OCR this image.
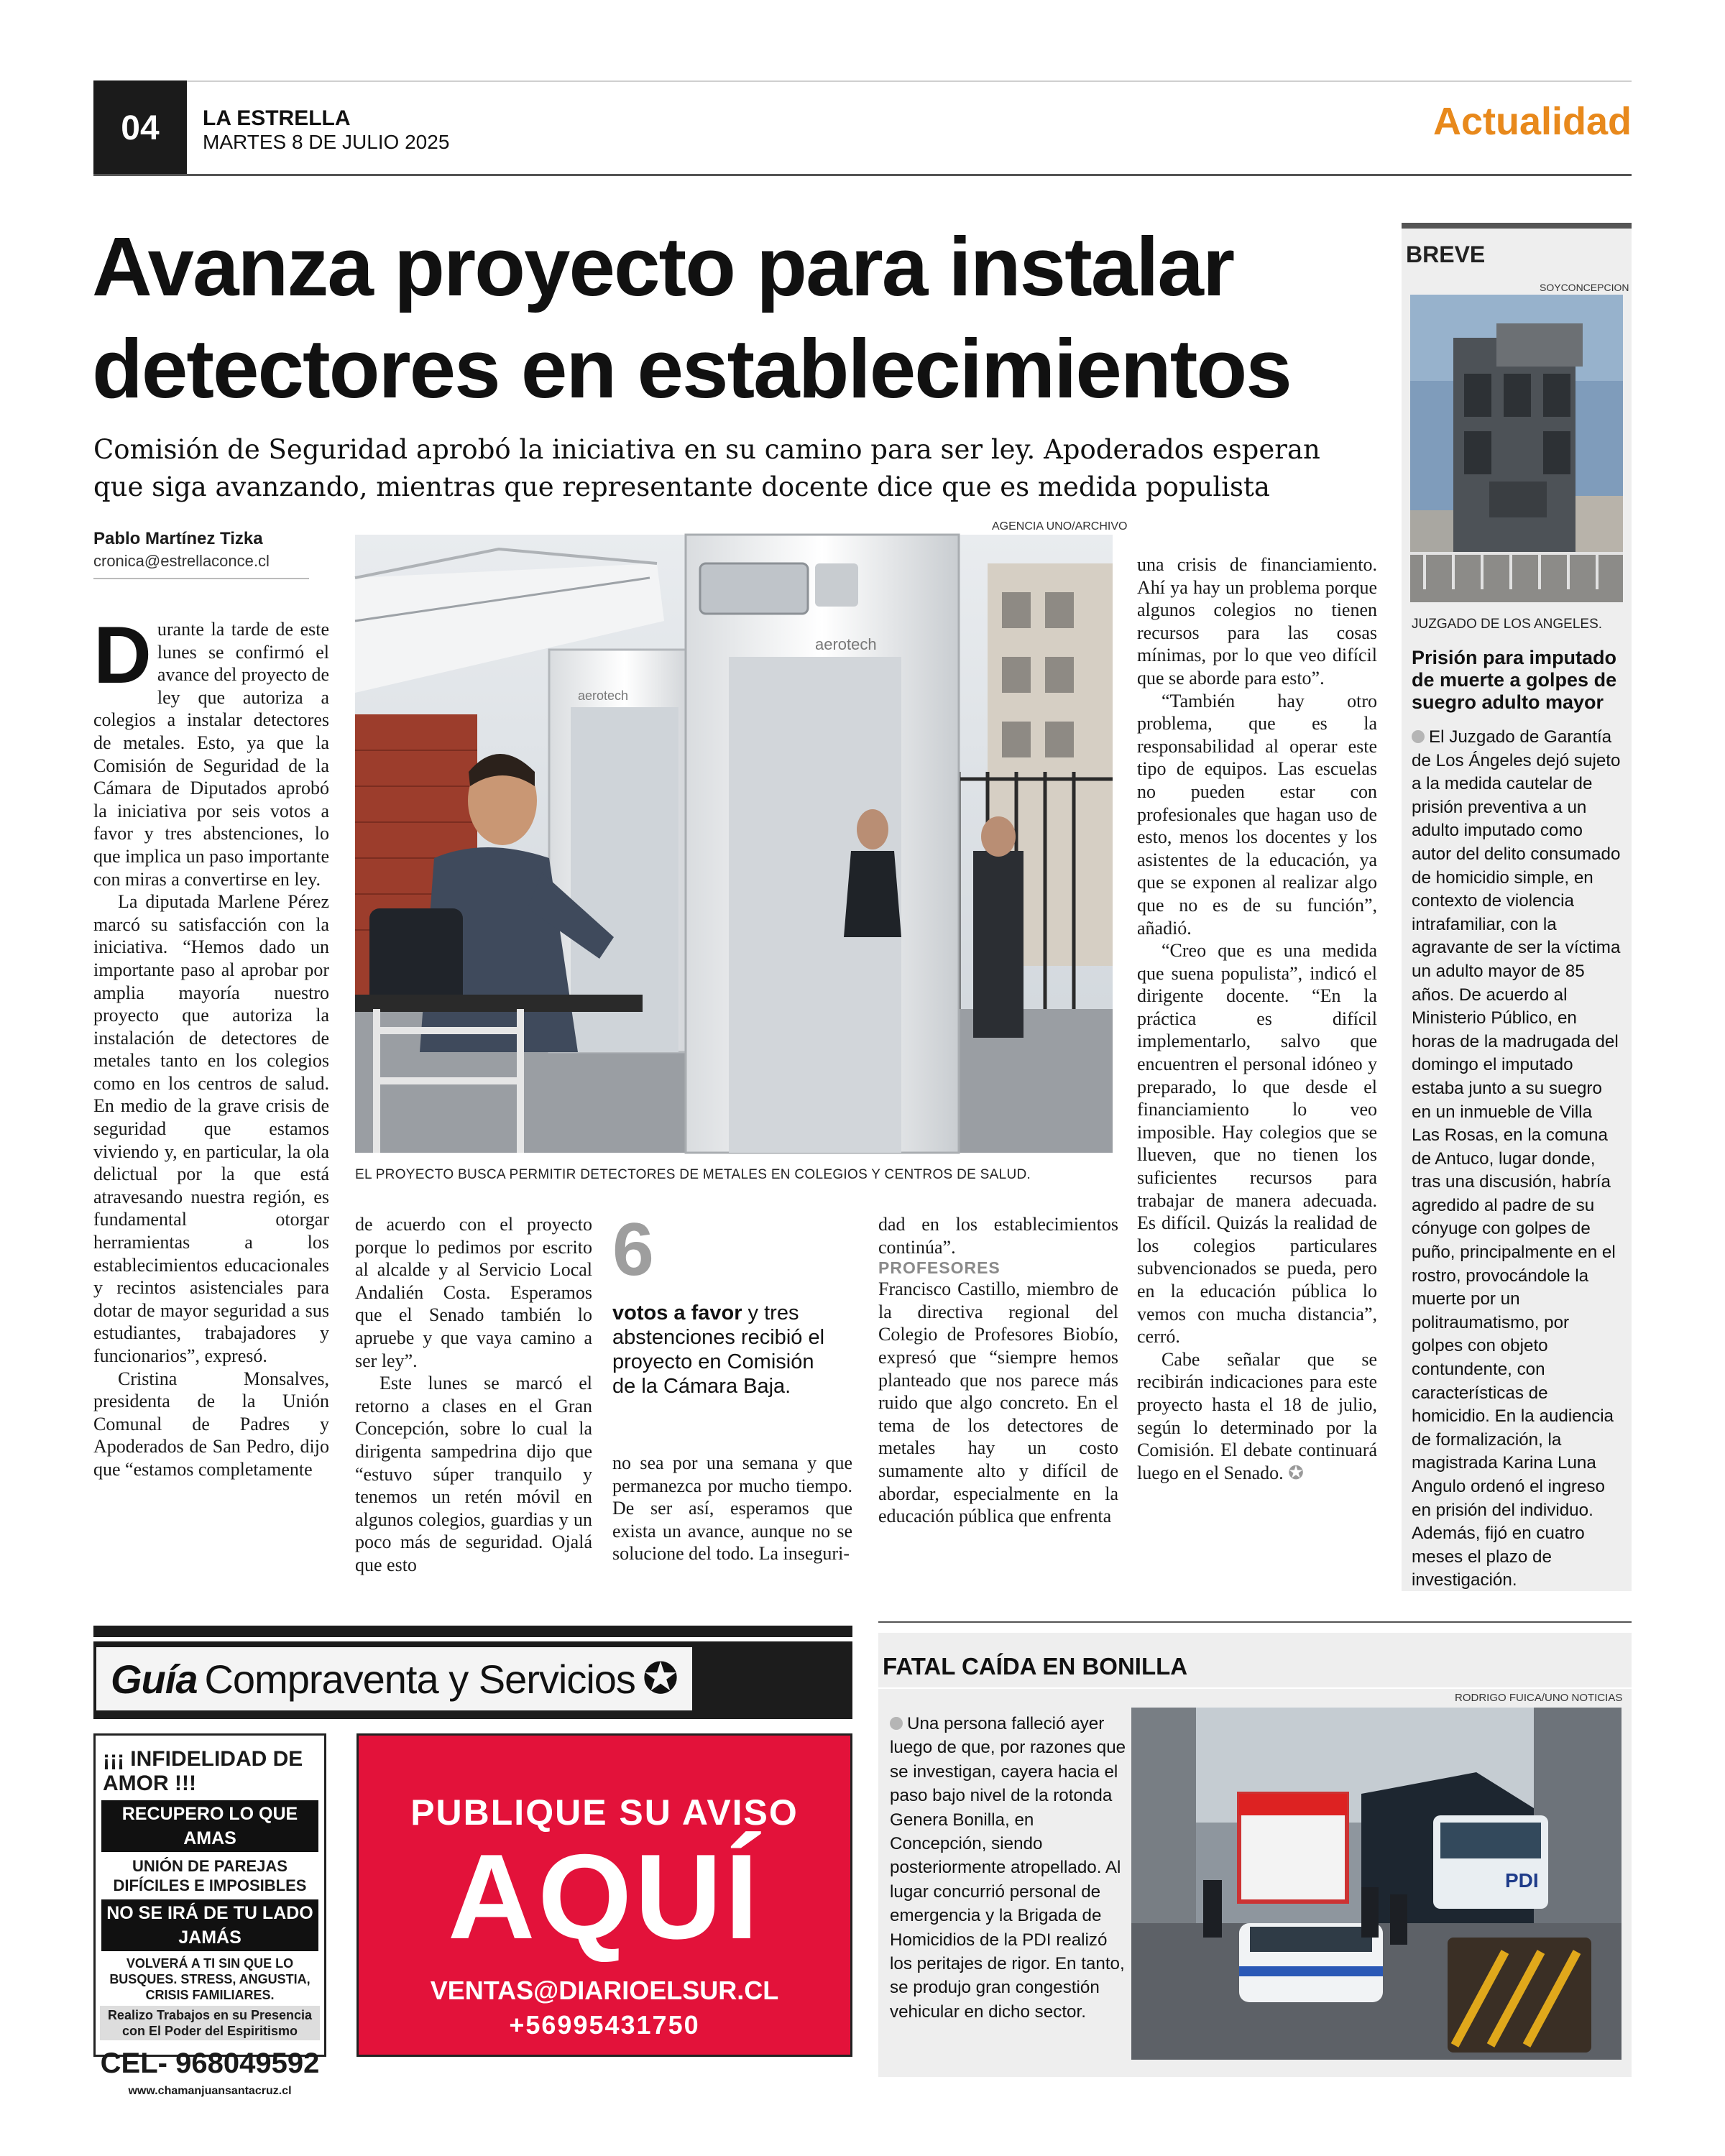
04	LA ESTRELLA
MARTES 8 DE JULIO 2025	Actualidad
Avanza proyecto para instalar
detectores en establecimientos
Comisión de Seguridad aprobó la iniciativa en su camino para ser ley. Apoderados esperan que siga avanzando, mientras que representante docente dice que es medida populista
Pablo Martínez Tizka
cronica@estrellaconce.cl

Durante la tarde de este lunes se confirmó el avance del proyecto de ley que autoriza a colegios a instalar detectores de metales. Esto, ya que la Comisión de Seguridad de la Cámara de Diputados aprobó la iniciativa por seis votos a favor y tres abstenciones, lo que implica un paso importante con miras a convertirse en ley.

La diputada Marlene Pérez marcó su satisfacción con la iniciativa. “Hemos dado un importante paso al aprobar por amplia mayoría nuestro proyecto que autoriza la instalación de detectores de metales tanto en los colegios como en los centros de salud. En medio de la grave crisis de seguridad que estamos viviendo y, en particular, la ola delictual por la que está atravesando nuestra región, es fundamental otorgar herramientas a los establecimientos educacionales y recintos asistenciales para dotar de mayor seguridad a sus estudiantes, trabajadores y funcionarios”, expresó.

Cristina Monsalves, presidenta de la Unión Comunal de Padres y Apoderados de San Pedro, dijo que “estamos completamente

AGENCIA UNO/ARCHIVO
aerotech
aerotech
EL PROYECTO BUSCA PERMITIR DETECTORES DE METALES EN COLEGIOS Y CENTROS DE SALUD.

de acuerdo con el proyecto porque lo pedimos por escrito al alcalde y al Servicio Local Andalién Costa. Esperamos que el Senado también lo apruebe y que vaya camino a ser ley”.

Este lunes se marcó el retorno a clases en el Gran Concepción, sobre lo cual la dirigenta sampedrina dijo que “estuvo súper tranquilo y tenemos un retén móvil en algunos colegios, guardias y un poco más de seguridad. Ojalá que esto

6
votos a favor y tres abstenciones recibió el proyecto en Comisión de la Cámara Baja.

no sea por una semana y que permanezca por mucho tiempo. De ser así, esperamos que exista un avance, aunque no se solucione del todo. La inseguri-

dad en los establecimientos continúa”.

PROFESORES

Francisco Castillo, miembro de la directiva regional del Colegio de Profesores Biobío, expresó que “siempre hemos planteado que nos parece más ruido que algo concreto. En el tema de los detectores de metales hay un costo sumamente alto y difícil de abordar, especialmente en la educación pública que enfrenta

una crisis de financiamiento. Ahí ya hay un problema porque algunos colegios no tienen recursos para las cosas mínimas, por lo que veo difícil que se aborde para esto”.

“También hay otro problema, que es la responsabilidad al operar este tipo de equipos. Las escuelas no pueden estar con profesionales que hagan uso de esto, menos los docentes y los asistentes de la educación, ya que se exponen al realizar algo que no es de su función”, añadió.

“Creo que es una medida que suena populista”, indicó el dirigente docente. “En la práctica es difícil implementarlo, salvo que encuentren el personal idóneo y preparado, lo que desde el financiamiento lo veo imposible. Hay colegios que se llueven, que no tienen los suficientes recursos para trabajar de manera adecuada. Es difícil. Quizás la realidad de los colegios particulares subvencionados se pueda, pero en la educación pública lo vemos con mucha distancia”, cerró.

Cabe señalar que se recibirán indicaciones para este proyecto hasta el 18 de julio, según lo determinado por la Comisión. El debate continuará luego en el Senado. ✪

BREVE
SOYCONCEPCION
JUZGADO DE LOS ANGELES.
Prisión para imputado de muerte a golpes de suegro adulto mayor
El Juzgado de Garantía de Los Ángeles dejó sujeto a la medida cautelar de prisión preventiva a un adulto imputado como autor del delito consumado de homicidio simple, en contexto de violencia intrafamiliar, con la agravante de ser la víctima un adulto mayor de 85 años. De acuerdo al Ministerio Público, en horas de la madrugada del domingo el imputado estaba junto a su suegro en un inmueble de Villa Las Rosas, en la comuna de Antuco, lugar donde, tras una discusión, habría agredido al padre de su cónyuge con golpes de puño, principalmente en el rostro, provocándole la muerte por un politraumatismo, por golpes con objeto contundente, con características de homicidio. En la audiencia de formalización, la magistrada Karina Luna Angulo ordenó el ingreso en prisión del individuo. Además, fijó en cuatro meses el plazo de investigación.
Guía Compraventa y Servicios ✪
¡¡¡ INFIDELIDAD DE AMOR !!!
RECUPERO LO QUE AMAS
UNIÓN DE PAREJAS DIFÍCILES E IMPOSIBLES
NO SE IRÁ DE TU LADO JAMÁS
VOLVERÁ A TI SIN QUE LO BUSQUES. STRESS, ANGUSTIA, CRISIS FAMILIARES.
Realizo Trabajos en su Presencia con El Poder del Espiritismo
CEL- 968049592
www.chamanjuansantacruz.cl
PUBLIQUE SU AVISO
AQUÍ
VENTAS@DIARIOELSUR.CL
+56995431750
FATAL CAÍDA EN BONILLA
RODRIGO FUICA/UNO NOTICIAS
Una persona falleció ayer luego de que, por razones que se investigan, cayera hacia el paso bajo nivel de la rotonda Genera Bonilla, en Concepción, siendo posteriormente atropellado. Al lugar concurrió personal de emergencia y la Brigada de Homicidios de la PDI realizó los peritajes de rigor. En tanto, se produjo gran congestión vehicular en dicho sector.
PDI
